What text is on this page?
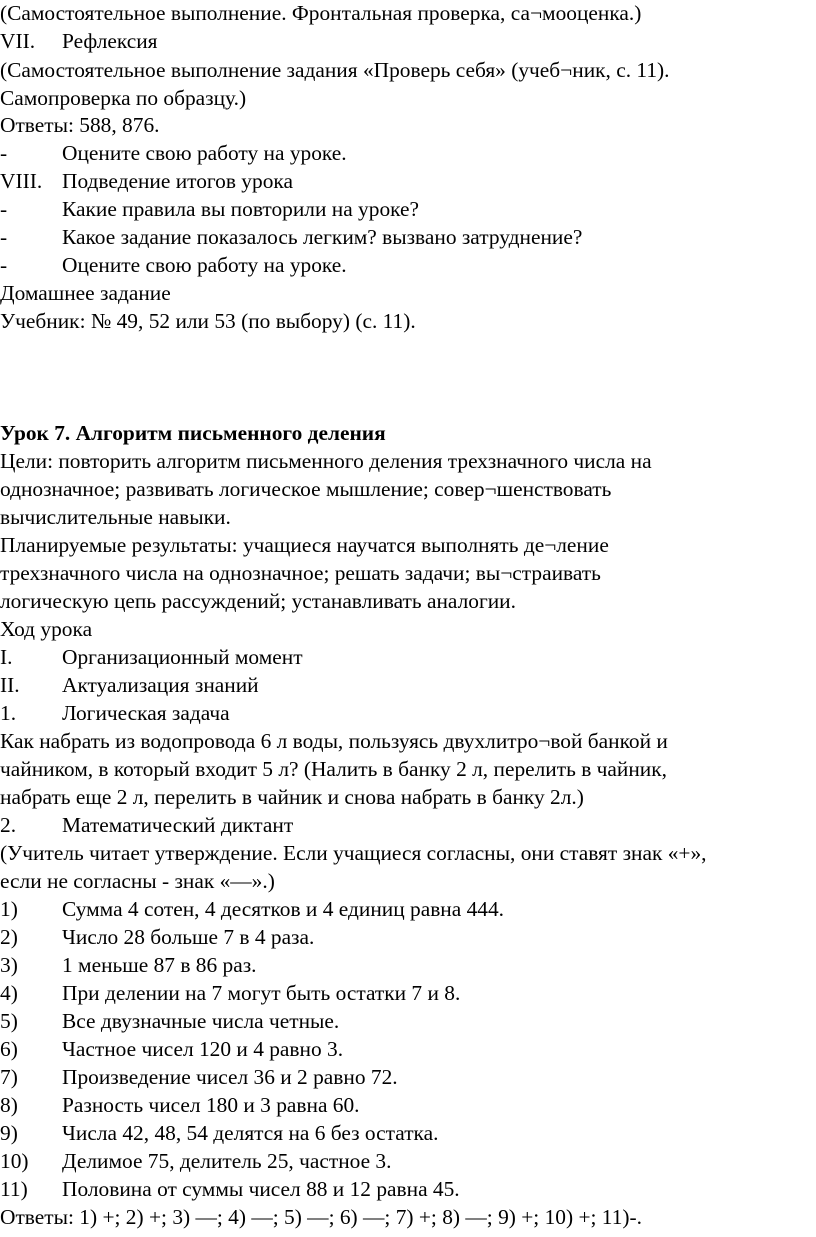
(Самостоятельное выполнение. Фронтальная проверка, са¬мооценка.)
VII. Рефлексия
(Самостоятельное выполнение задания «Проверь себя» (учеб¬ник, с. 11).
Самопроверка по образцу.)
Ответы: 588, 876.
-	Оцените свою работу на уроке.
VIII. Подведение итогов урока
-	Какие правила вы повторили на уроке?
-	Какое задание показалось легким? вызвано затруднение?
-	Оцените свою работу на уроке.
Домашнее задание
Учебник: № 49, 52 или 53 (по выбору) (с. 11).
Урок 7. Алгоритм письменного деления
Цели: повторить алгоритм письменного деления трехзначного числа на
однозначное; развивать логическое мышление; совер¬шенствовать
вычислительные навыки.
Планируемые результаты: учащиеся научатся выполнять де¬ление
трехзначного числа на однозначное; решать задачи; вы¬страивать
логическую цепь рассуждений; устанавливать аналогии.
Ход урока
I. Организационный момент
II. Актуализация знаний
1. Логическая задача
Как набрать из водопровода 6 л воды, пользуясь двухлитро¬вой банкой и
чайником, в который входит 5 л? (Налить в банку 2 л, перелить в чайник,
набрать еще 2 л, перелить в чайник и снова набрать в банку 2л.)
2. Математический диктант
(Учитель читает утверждение. Если учащиеся согласны, они ставят знак «+»,
если не согласны - знак «—».)
1) Сумма 4 сотен, 4 десятков и 4 единиц равна 444.
2) Число 28 больше 7 в 4 раза.
3) 1 меньше 87 в 86 раз.
4) При делении на 7 могут быть остатки 7 и 8.
5) Все двузначные числа четные.
6) Частное чисел 120 и 4 равно 3.
7) Произведение чисел 36 и 2 равно 72.
8) Разность чисел 180 и 3 равна 60.
9) Числа 42, 48, 54 делятся на 6 без остатка.
10) Делимое 75, делитель 25, частное 3.
11) Половина от суммы чисел 88 и 12 равна 45.
Ответы: 1) +; 2) +; 3) —; 4) —; 5) —; 6) —; 7) +; 8) —; 9) +; 10) +; 11)-.
